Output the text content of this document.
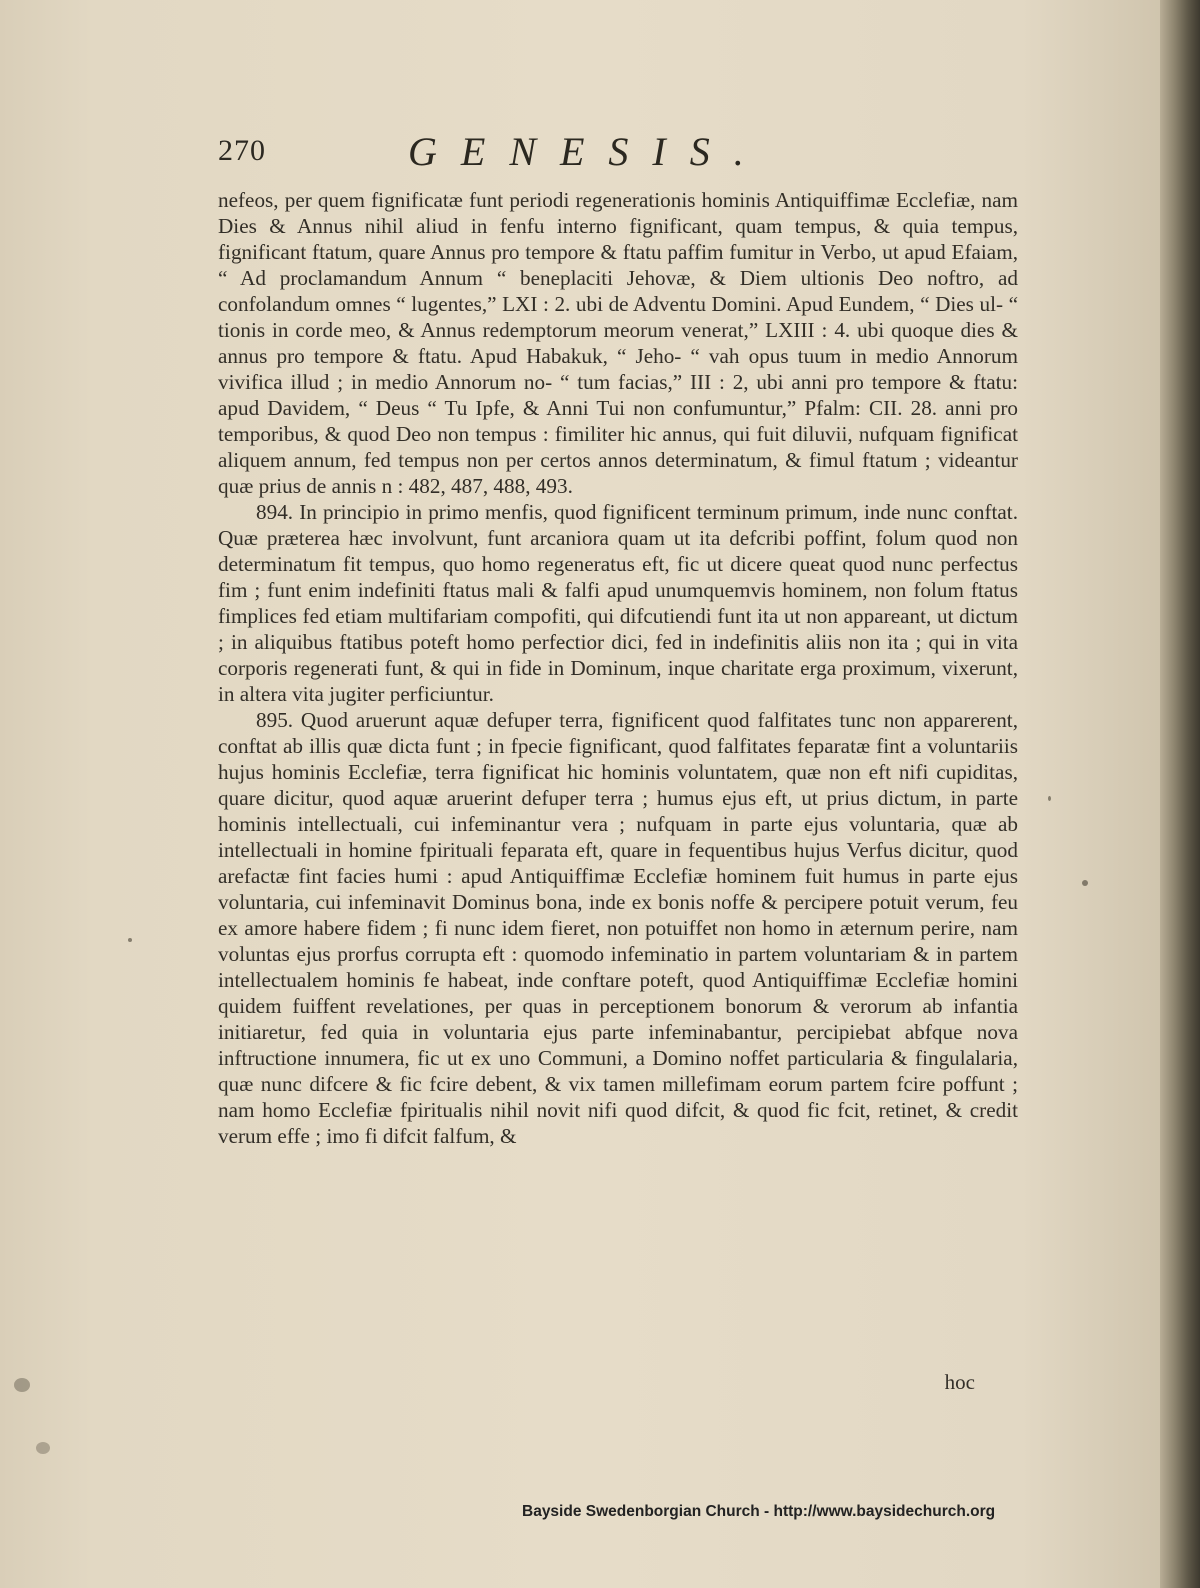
270	GENESIS.

nefeos, per quem fignificatæ funt periodi regenerationis hominis Antiquiffimæ Ecclefiæ, nam Dies & Annus nihil aliud in fenfu interno fignificant, quam tempus, & quia tempus, fignificant ftatum, quare Annus pro tempore & ftatu paffim fumitur in Verbo, ut apud Efaiam, “ Ad proclamandum Annum “ beneplaciti Jehovæ, & Diem ultionis Deo noftro, ad confolandum omnes “ lugentes,” LXI : 2. ubi de Adventu Domini. Apud Eundem, “ Dies ul- “ tionis in corde meo, & Annus redemptorum meorum venerat,” LXIII : 4. ubi quoque dies & annus pro tempore & ftatu. Apud Habakuk, “ Jeho- “ vah opus tuum in medio Annorum vivifica illud ; in medio Annorum no- “ tum facias,” III : 2, ubi anni pro tempore & ftatu: apud Davidem, “ Deus “ Tu Ipfe, & Anni Tui non confumuntur,” Pfalm: CII. 28. anni pro temporibus, & quod Deo non tempus : fimiliter hic annus, qui fuit diluvii, nufquam fignificat aliquem annum, fed tempus non per certos annos determinatum, & fimul ftatum ; videantur quæ prius de annis n : 482, 487, 488, 493.

894. In principio in primo menfis, quod fignificent terminum primum, inde nunc conftat. Quæ præterea hæc involvunt, funt arcaniora quam ut ita defcribi poffint, folum quod non determinatum fit tempus, quo homo regeneratus eft, fic ut dicere queat quod nunc perfectus fim ; funt enim indefiniti ftatus mali & falfi apud unumquemvis hominem, non folum ftatus fimplices fed etiam multifariam compofiti, qui difcutiendi funt ita ut non appareant, ut dictum ; in aliquibus ftatibus poteft homo perfectior dici, fed in indefinitis aliis non ita ; qui in vita corporis regenerati funt, & qui in fide in Dominum, inque charitate erga proximum, vixerunt, in altera vita jugiter perficiuntur.

895. Quod aruerunt aquæ defuper terra, fignificent quod falfitates tunc non apparerent, conftat ab illis quæ dicta funt ; in fpecie fignificant, quod falfitates feparatæ fint a voluntariis hujus hominis Ecclefiæ, terra fignificat hic hominis voluntatem, quæ non eft nifi cupiditas, quare dicitur, quod aquæ aruerint defuper terra ; humus ejus eft, ut prius dictum, in parte hominis intellectuali, cui infeminantur vera ; nufquam in parte ejus voluntaria, quæ ab intellectuali in homine fpirituali feparata eft, quare in fequentibus hujus Verfus dicitur, quod arefactæ fint facies humi : apud Antiquiffimæ Ecclefiæ hominem fuit humus in parte ejus voluntaria, cui infeminavit Dominus bona, inde ex bonis noffe & percipere potuit verum, feu ex amore habere fidem ; fi nunc idem fieret, non potuiffet non homo in æternum perire, nam voluntas ejus prorfus corrupta eft : quomodo infeminatio in partem voluntariam & in partem intellectualem hominis fe habeat, inde conftare poteft, quod Antiquiffimæ Ecclefiæ homini quidem fuiffent revelationes, per quas in perceptionem bonorum & verorum ab infantia initiaretur, fed quia in voluntaria ejus parte infeminabantur, percipiebat abfque nova inftructione innumera, fic ut ex uno Communi, a Domino noffet particularia & fingulalaria, quæ nunc difcere & fic fcire debent, & vix tamen millefimam eorum partem fcire poffunt ; nam homo Ecclefiæ fpiritualis nihil novit nifi quod difcit, & quod fic fcit, retinet, & credit verum effe ; imo fi difcit falfum, &

hoc
Bayside Swedenborgian Church - http://www.baysidechurch.org
